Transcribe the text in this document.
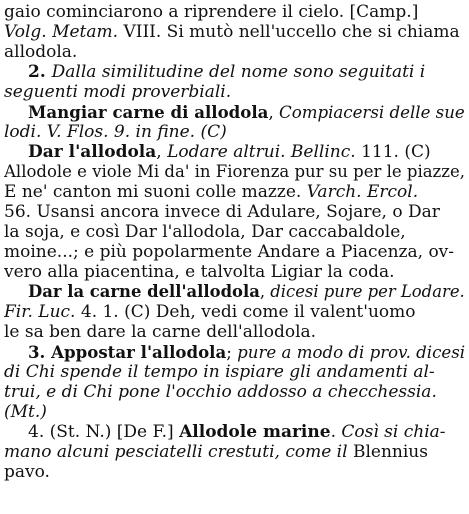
gaio cominciarono a riprendere il cielo. [Camp.]
Volg. Metam. VIII. Si mutò nell'uccello che si chiama
allodola.
2. Dalla similitudine del nome sono seguitati i
seguenti modi proverbiali.
Mangiar carne di allodola, Compiacersi delle sue
lodi. V. Flos. 9. in fine. (C)
Dar l'allodola, Lodare altrui. Bellinc. 111. (C)
Allodole e viole Mi da' in Fiorenza pur su per le piazze,
E ne' canton mi suoni colle mazze. Varch. Ercol.
56. Usansi ancora invece di Adulare, Sojare, o Dar
la soja, e così Dar l'allodola, Dar caccabaldole,
moine...; e più popolarmente Andare a Piacenza, ov-
vero alla piacentina, e talvolta Ligiar la coda.
Dar la carne dell'allodola, dicesi pure per Lodare.
Fir. Luc. 4. 1. (C) Deh, vedi come il valent'uomo
le sa ben dare la carne dell'allodola.
3. Appostar l'allodola; pure a modo di prov. dicesi
di Chi spende il tempo in ispiare gli andamenti al-
trui, e di Chi pone l'occhio addosso a checchessia.
(Mt.)
4. (St. N.) [De F.] Allodole marine. Così si chia-
mano alcuni pesciatelli crestuti, come il Blennius
pavo.
